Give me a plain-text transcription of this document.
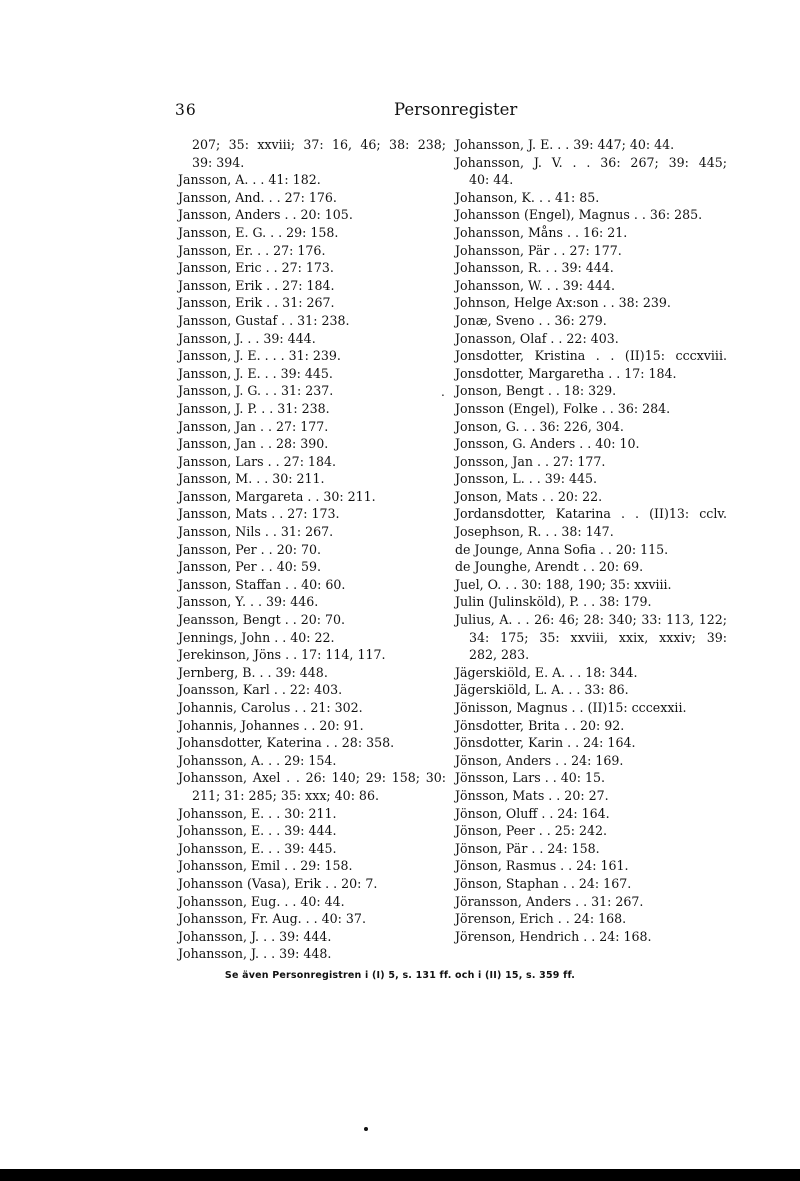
36	Personregister

207; 35: xxviii; 37: 16, 46; 38: 238;

39: 394.

Jansson, A. . . 41: 182.

Jansson, And. . . 27: 176.

Jansson, Anders . . 20: 105.

Jansson, E. G. . . 29: 158.

Jansson, Er. . . 27: 176.

Jansson, Eric . . 27: 173.

Jansson, Erik . . 27: 184.

Jansson, Erik . . 31: 267.

Jansson, Gustaf . . 31: 238.

Jansson, J. . . 39: 444.

Jansson, J. E. . . . 31: 239.

Jansson, J. E. . . 39: 445.

Jansson, J. G. . . 31: 237.

Jansson, J. P. . . 31: 238.

Jansson, Jan . . 27: 177.

Jansson, Jan . . 28: 390.

Jansson, Lars . . 27: 184.

Jansson, M. . . 30: 211.

Jansson, Margareta . . 30: 211.

Jansson, Mats . . 27: 173.

Jansson, Nils . . 31: 267.

Jansson, Per . . 20: 70.

Jansson, Per . . 40: 59.

Jansson, Staffan . . 40: 60.

Jansson, Y. . . 39: 446.

Jeansson, Bengt . . 20: 70.

Jennings, John . . 40: 22.

Jerekinson, Jöns . . 17: 114, 117.

Jernberg, B. . . 39: 448.

Joansson, Karl . . 22: 403.

Johannis, Carolus . . 21: 302.

Johannis, Johannes . . 20: 91.

Johansdotter, Katerina . . 28: 358.

Johansson, A. . . 29: 154.

Johansson, Axel . . 26: 140; 29: 158; 30:

211; 31: 285; 35: xxx; 40: 86.

Johansson, E. . . 30: 211.

Johansson, E. . . 39: 444.

Johansson, E. . . 39: 445.

Johansson, Emil . . 29: 158.

Johansson (Vasa), Erik . . 20: 7.

Johansson, Eug. . . 40: 44.

Johansson, Fr. Aug. . . 40: 37.

Johansson, J. . . 39: 444.

Johansson, J. . . 39: 448.

Johansson, J. E. . . 39: 447; 40: 44.

Johansson, J. V. . . 36: 267; 39: 445;

40: 44.

Johanson, K. . . 41: 85.

Johansson (Engel), Magnus . . 36: 285.

Johansson, Måns . . 16: 21.

Johansson, Pär . . 27: 177.

Johansson, R. . . 39: 444.

Johansson, W. . . 39: 444.

Johnson, Helge Ax:son . . 38: 239.

Jonæ, Sveno . . 36: 279.

Jonasson, Olaf . . 22: 403.

Jonsdotter, Kristina . . (II)15: cccxviii.

Jonsdotter, Margaretha . . 17: 184.

Jonson, Bengt . . 18: 329.

Jonsson (Engel), Folke . . 36: 284.

Jonson, G. . . 36: 226, 304.

Jonsson, G. Anders . . 40: 10.

Jonsson, Jan . . 27: 177.

Jonsson, L. . . 39: 445.

Jonson, Mats . . 20: 22.

Jordansdotter, Katarina . . (II)13: cclv.

Josephson, R. . . 38: 147.

de Jounge, Anna Sofia . . 20: 115.

de Jounghe, Arendt . . 20: 69.

Juel, O. . . 30: 188, 190; 35: xxviii.

Julin (Julinsköld), P. . . 38: 179.

Julius, A. . . 26: 46; 28: 340; 33: 113, 122;

34: 175; 35: xxviii, xxix, xxxiv; 39:

282, 283.

Jägerskiöld, E. A. . . 18: 344.

Jägerskiöld, L. A. . . 33: 86.

Jönisson, Magnus . . (II)15: cccexxii.

Jönsdotter, Brita . . 20: 92.

Jönsdotter, Karin . . 24: 164.

Jönson, Anders . . 24: 169.

Jönsson, Lars . . 40: 15.

Jönsson, Mats . . 20: 27.

Jönson, Oluff . . 24: 164.

Jönson, Peer . . 25: 242.

Jönson, Pär . . 24: 158.

Jönson, Rasmus . . 24: 161.

Jönson, Staphan . . 24: 167.

Jöransson, Anders . . 31: 267.

Jörenson, Erich . . 24: 168.

Jörenson, Hendrich . . 24: 168.

.
Se även Personregistren i (I) 5, s. 131 ff. och i (II) 15, s. 359 ff.
